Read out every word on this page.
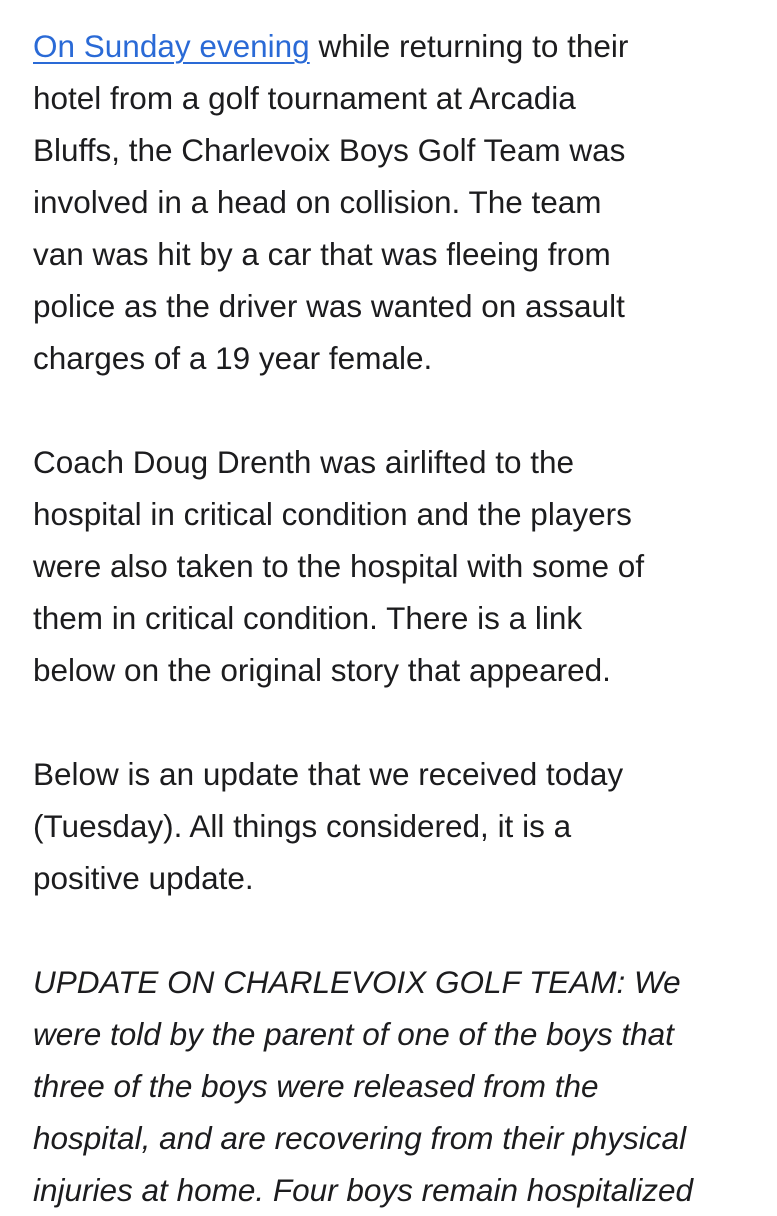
On Sunday evening while returning to their
hotel from a golf tournament at Arcadia
Bluffs, the Charlevoix Boys Golf Team was
involved in a head on collision. The team
van was hit by a car that was fleeing from
police as the driver was wanted on assault
charges of a 19 year female.

Coach Doug Drenth was airlifted to the
hospital in critical condition and the players
were also taken to the hospital with some of
them in critical condition. There is a link
below on the original story that appeared.

Below is an update that we received today
(Tuesday). All things considered, it is a
positive update.

UPDATE ON CHARLEVOIX GOLF TEAM: We
were told by the parent of one of the boys that
three of the boys were released from the
hospital, and are recovering from their physical
injuries at home. Four boys remain hospitalized
